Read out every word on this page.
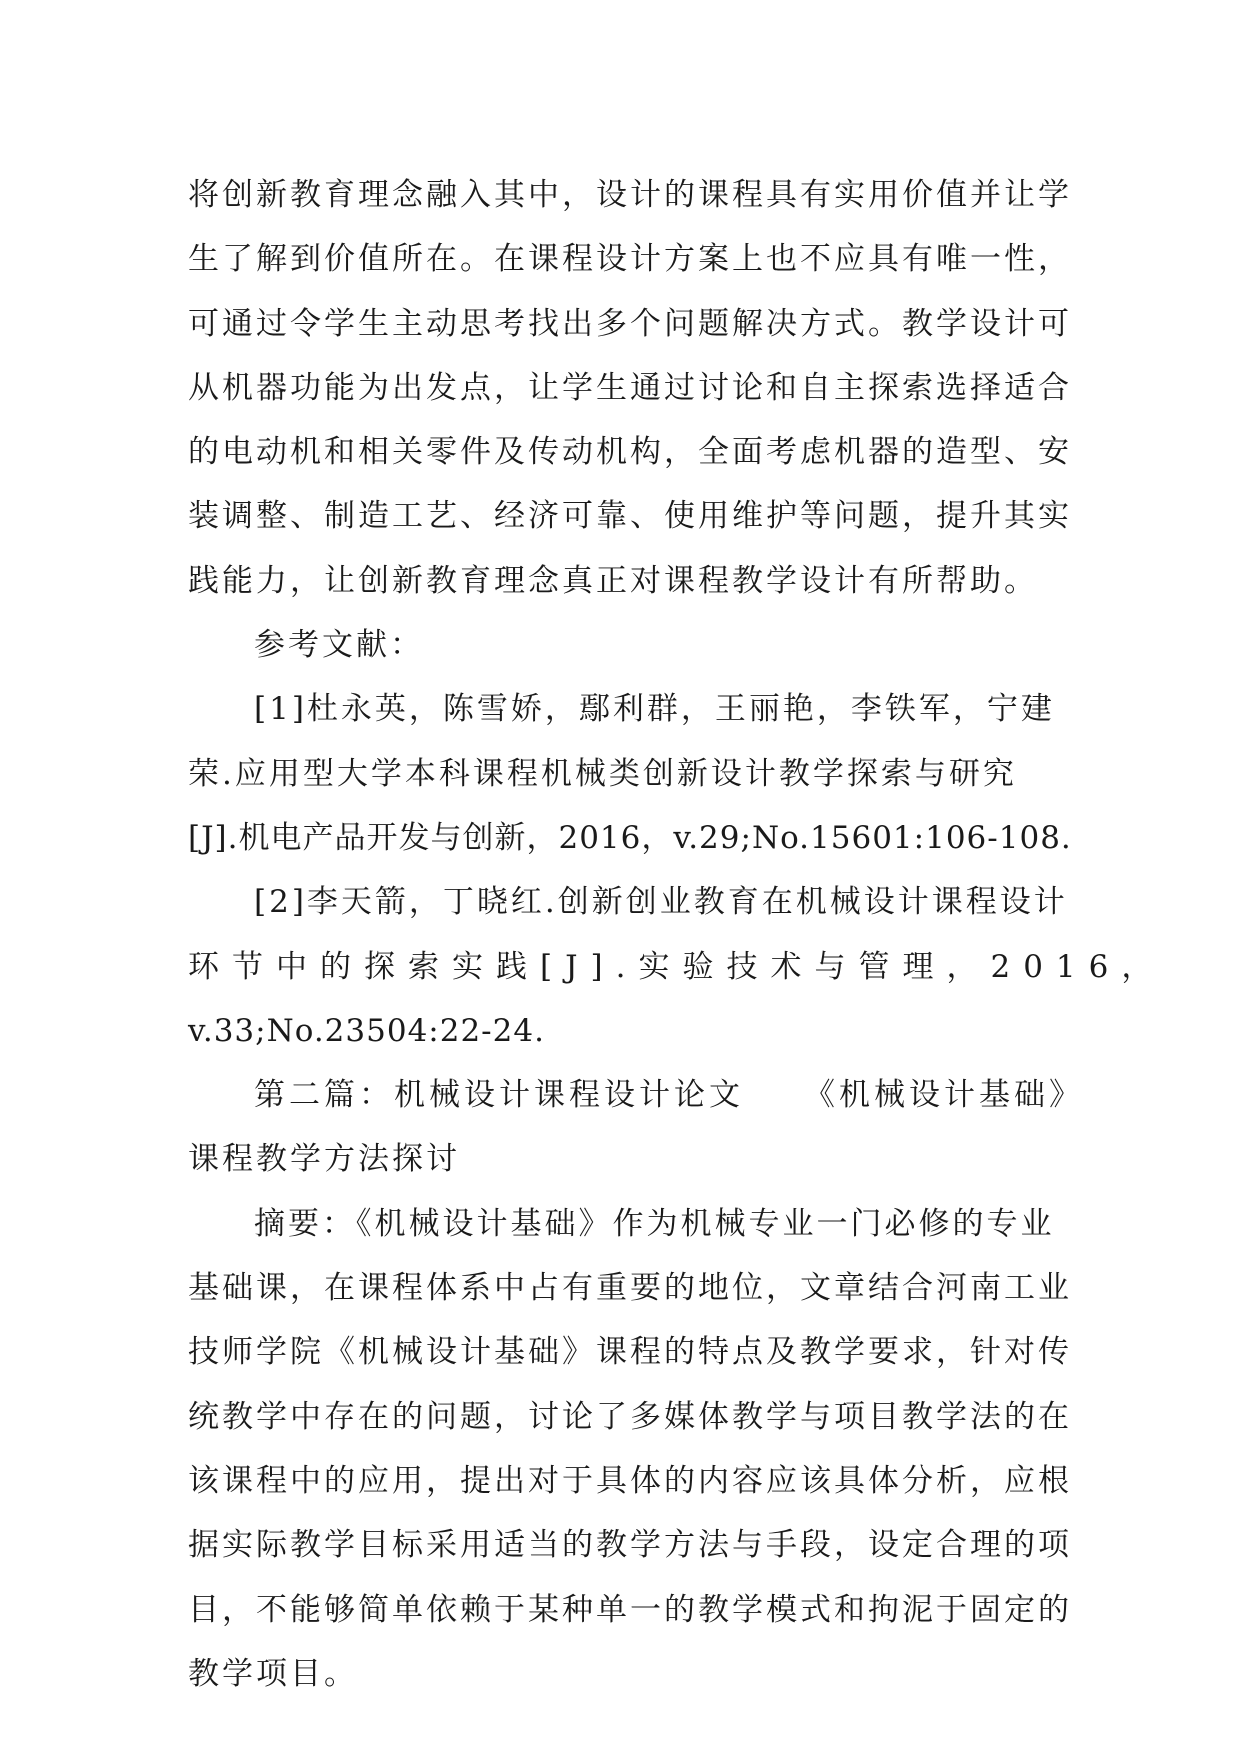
将创新教育理念融入其中，设计的课程具有实用价值并让学
生了解到价值所在。在课程设计方案上也不应具有唯一性，
可通过令学生主动思考找出多个问题解决方式。教学设计可
从机器功能为出发点，让学生通过讨论和自主探索选择适合
的电动机和相关零件及传动机构，全面考虑机器的造型、安
装调整、制造工艺、经济可靠、使用维护等问题，提升其实
践能力，让创新教育理念真正对课程教学设计有所帮助。
参考文献：
[1]杜永英，陈雪娇，鄢利群，王丽艳，李铁军，宁建
荣.应用型大学本科课程机械类创新设计教学探索与研究
[J].机电产品开发与创新，2016，v.29;No.15601:106-108.
[2]李天箭，丁晓红.创新创业教育在机械设计课程设计
环节中的探索实践[J].实验技术与管理，2016，
v.33;No.23504:22-24.
第二篇：机械设计课程设计论文 《机械设计基础》
课程教学方法探讨
摘要：《机械设计基础》作为机械专业一门必修的专业
基础课，在课程体系中占有重要的地位，文章结合河南工业
技师学院《机械设计基础》课程的特点及教学要求，针对传
统教学中存在的问题，讨论了多媒体教学与项目教学法的在
该课程中的应用，提出对于具体的内容应该具体分析，应根
据实际教学目标采用适当的教学方法与手段，设定合理的项
目，不能够简单依赖于某种单一的教学模式和拘泥于固定的
教学项目。
